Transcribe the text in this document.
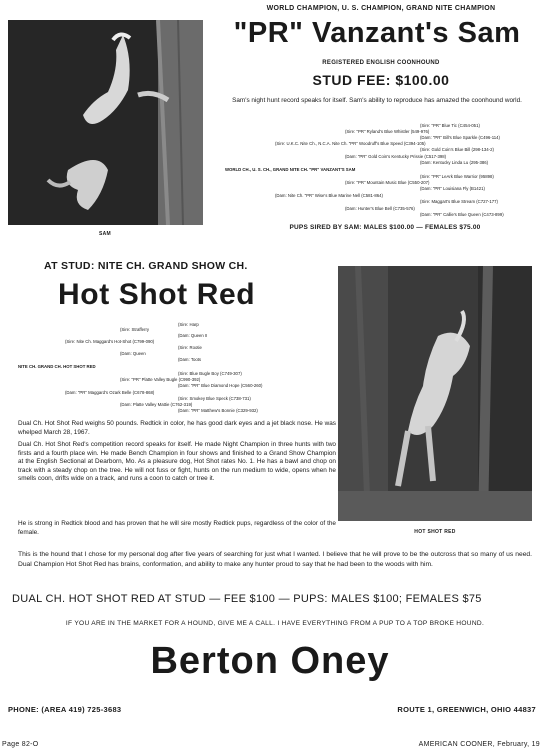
SAM
WORLD CHAMPION, U. S. CHAMPION, GRAND NITE CHAMPION
"PR" Vanzant's Sam
REGISTERED ENGLISH COONHOUND
STUD FEE: $100.00
Sam's night hunt record speaks for itself. Sam's ability to reproduce has amazed the coonhound world.
(Sire: "PR" Blue Tic (C454-051)
(Sire: "PR" Ryland's Blue Whistler (549-976)
(Dam: "PR" Bill's Blue Sparkle (C496-114)
(Sire: U.K.C. Nite Ch., N.C.A. Nite Ch. "PR" Woodruff's Blue Speed (C394-105)
(Sire: Gold Coin's Blue Bill (298-134-2)
(Dam: "PR" Gold Coin's Kentucky Prissie (C517-398)
(Dam: Kentucky Linda Lu (295-386)
WORLD CH., U. S. CH., GRAND NITE CH. "PR" VANZANT'S SAM
(Sire: "PR" LeArk Blue Warrior (95898)
(Sire: "PR" Mountain Music Blue (C550-207)
(Dam: "PR" Louisiana Fly (B1421)
(Dam: Nite Ch. "PR" Wise's Blue Marine Nell (C581-864)
(Sire: Maggart's Blue Stream (C727-177)
(Dam: Hunter's Blue Bell (C735-576)
(Dam: "PR" Callie's Blue Queen (C473-899)
PUPS SIRED BY SAM: MALES $100.00 — FEMALES $75.00
AT STUD: NITE CH. GRAND SHOW CH.
Hot Shot Red
HOT SHOT RED
(Sire: Harp
(Sire: Strafferry
(Dam: Queen II
(Sire: Nite Ch. Maggard's Hot-Shot (C799-090)
(Sire: Rootie
(Dam: Queen
(Dam: Toots
NITE CH. GRAND CH. HOT SHOT RED
(Sire: Blue Bugle Boy (C749-307)
(Sire: "PR" Platte Valley Bugle (C990-392)
(Dam: "PR" Blue Diamond Hope (C560-260)
(Dam: "PR" Maggard's Ozark Belle (C678-868)
(Sire: Smokey Blue Speck (C738-731)
(Dam: Platte Valley Mattie (C762-319)
(Dam: "PR" Matthew's Bonnie (C329-932)
Dual Ch. Hot Shot Red weighs 50 pounds. Redtick in color, he has good dark eyes and a jet black nose. He was whelped March 28, 1967.
Dual Ch. Hot Shot Red's competition record speaks for itself. He made Night Champion in three hunts with two firsts and a fourth place win. He made Bench Champion in four shows and finished to a Grand Show Champion at the English Sectional at Dearborn, Mo. As a pleasure dog, Hot Shot rates No. 1. He has a bawl and chop on track with a steady chop on the tree. He will not fuss or fight, hunts on the run medium to wide, opens when he smells coon, drifts wide on a track, and runs a coon to catch or tree it.
He is strong in Redtick blood and has proven that he will sire mostly Redtick pups, regardless of the color of the female.
This is the hound that I chose for my personal dog after five years of searching for just what I wanted. I believe that he will prove to be the outcross that so many of us need. Dual Champion Hot Shot Red has brains, conformation, and ability to make any hunter proud to say that he had been to the woods with him.
DUAL CH. HOT SHOT RED AT STUD — FEE $100 — PUPS: MALES $100; FEMALES $75
IF YOU ARE IN THE MARKET FOR A HOUND, GIVE ME A CALL. I HAVE EVERYTHING FROM A PUP TO A TOP BROKE HOUND.
Berton Oney
PHONE: (AREA 419) 725-3683	ROUTE 1, GREENWICH, OHIO 44837
Page 82-O	AMERICAN COONER, February, 19
